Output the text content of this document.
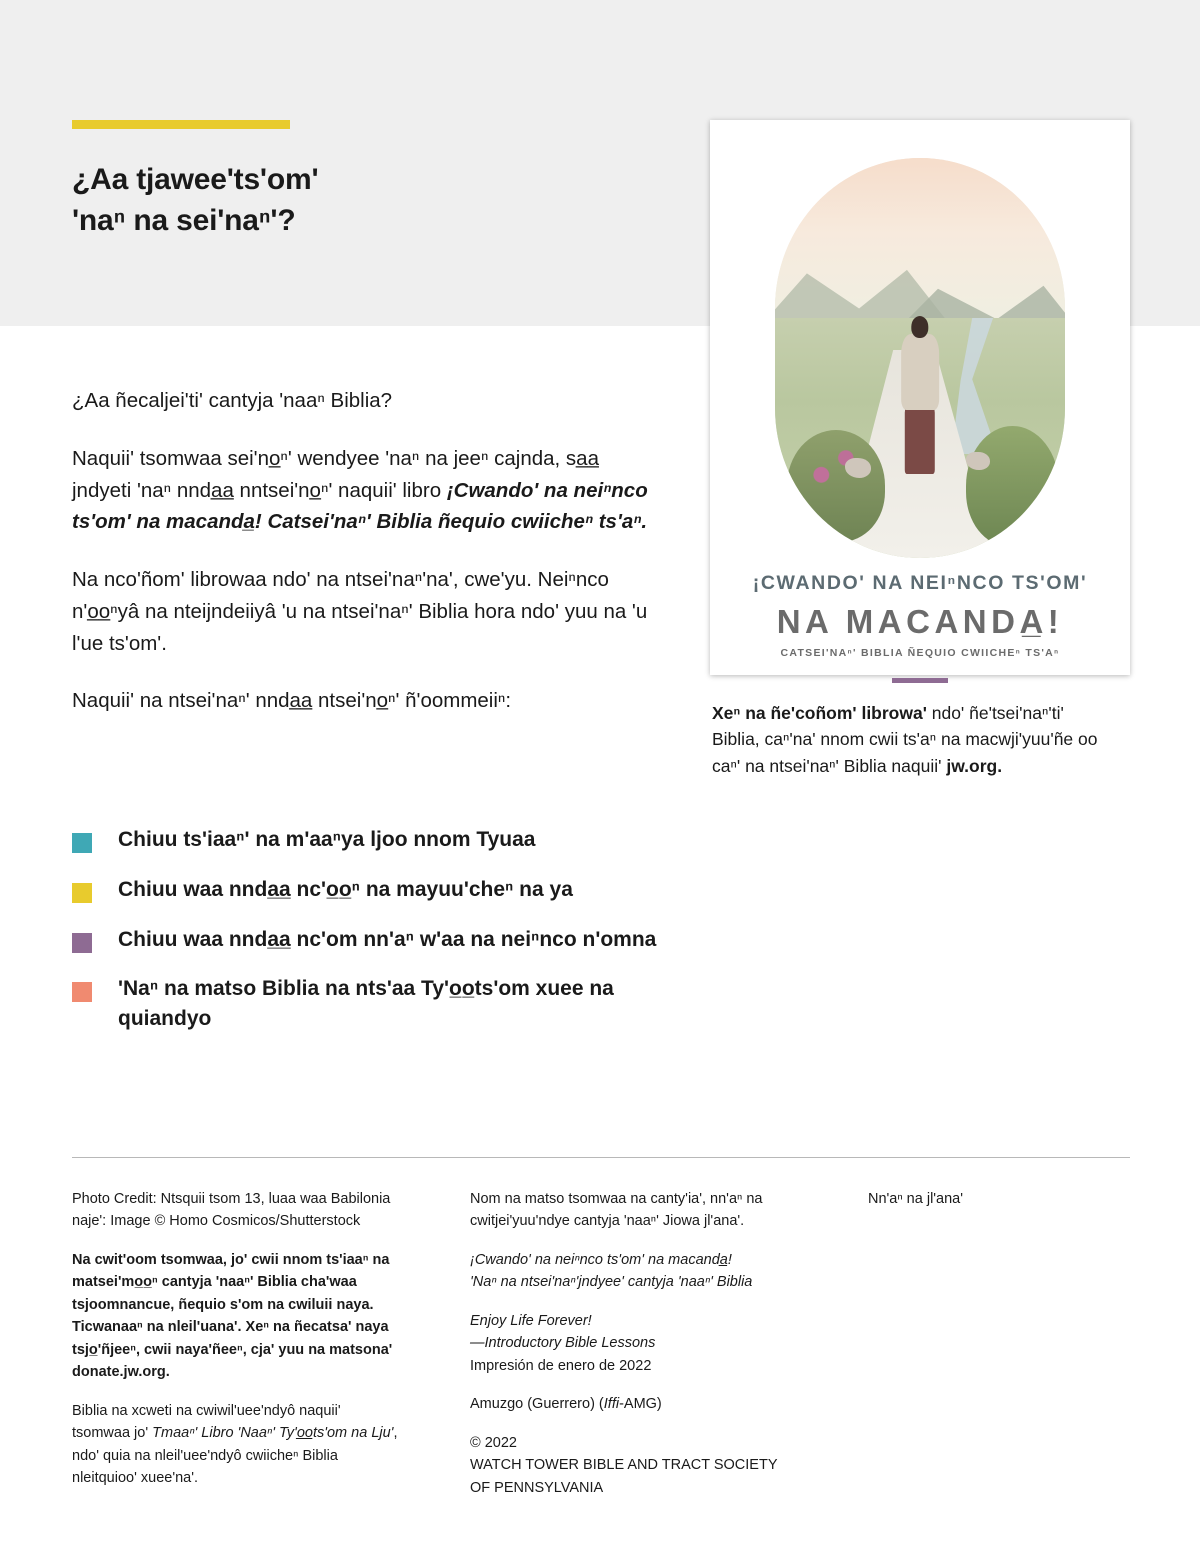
¿Aa tjawee'ts'om'
'naⁿ na sei'naⁿ'?

¿Aa ñecaljei'ti' cantyja 'naaⁿ Biblia?

Naquii' tsomwaa sei'no̲ⁿ' wendyee 'naⁿ na jeeⁿ cajnda, sa̲a̲ jndyeti 'naⁿ nnda̲a̲ nntsei'no̲ⁿ' naquii' libro ¡Cwando' na neiⁿnco ts'om' na macanda̲! Catsei'naⁿ' Biblia ñequio cwiicheⁿ ts'aⁿ.

Na nco'ñom' librowaa ndo' na ntsei'naⁿ'na', cwe'yu. Neiⁿnco n'o̲o̲ⁿyâ na nteijndeiiyâ 'u na ntsei'naⁿ' Biblia hora ndo' yuu na 'u l'ue ts'om'.

Naquii' na ntsei'naⁿ' nnda̲a̲ ntsei'no̲ⁿ' ñ'oommeiiⁿ:

Chiuu ts'iaaⁿ' na m'aaⁿya ljoo nnom Tyuaa
Chiuu waa nnda̲a̲ nc'o̲o̲ⁿ na mayuu'cheⁿ na ya
Chiuu waa nnda̲a̲ nc'om nn'aⁿ w'aa na neiⁿnco n'omna
'Naⁿ na matso Biblia na nts'aa Ty'o̲o̲ts'om xuee na quiandyo
¡CWANDO' NA NEIⁿNCO TS'OM'
NA MACANDA̲!
CATSEI'NAⁿ' BIBLIA ÑEQUIO CWIICHEⁿ TS'Aⁿ
Xeⁿ na ñe'coñom' librowa' ndo' ñe'tsei'naⁿ'ti' Biblia, caⁿ'na' nnom cwii ts'aⁿ na macwji'yuu'ñe oo caⁿ' na ntsei'naⁿ' Biblia naquii' jw.org.

Photo Credit: Ntsquii tsom 13, luaa waa Babilonia naje': Image © Homo Cosmicos/Shutterstock

Na cwit'oom tsomwaa, jo' cwii nnom ts'iaaⁿ na matsei'mo̲o̲ⁿ cantyja 'naaⁿ' Biblia cha'waa tsjoomnancue, ñequio s'om na cwiluii naya. Ticwanaaⁿ na nleil'uana'. Xeⁿ na ñecatsa' naya tsjo̲'ñjeeⁿ, cwii naya'ñeeⁿ, cja' yuu na matsona' donate.jw.org.

Biblia na xcweti na cwiwil'uee'ndyô naquii' tsomwaa jo' Tmaaⁿ' Libro 'Naaⁿ' Ty'o̲o̲ts'om na Lju', ndo' quia na nleil'uee'ndyô cwiicheⁿ Biblia nleitquioo' xuee'na'.

Nom na matso tsomwaa na canty'ia', nn'aⁿ na cwitjei'yuu'ndye cantyja 'naaⁿ' Jiowa jl'ana'.

¡Cwando' na neiⁿnco ts'om' na macanda̲!
'Naⁿ na ntsei'naⁿ'jndyee' cantyja 'naaⁿ' Biblia

Enjoy Life Forever!
—Introductory Bible Lessons
Impresión de enero de 2022

Amuzgo (Guerrero) (Iffi-AMG)

© 2022
WATCH TOWER BIBLE AND TRACT SOCIETY
OF PENNSYLVANIA

Nn'aⁿ na jl'ana'
